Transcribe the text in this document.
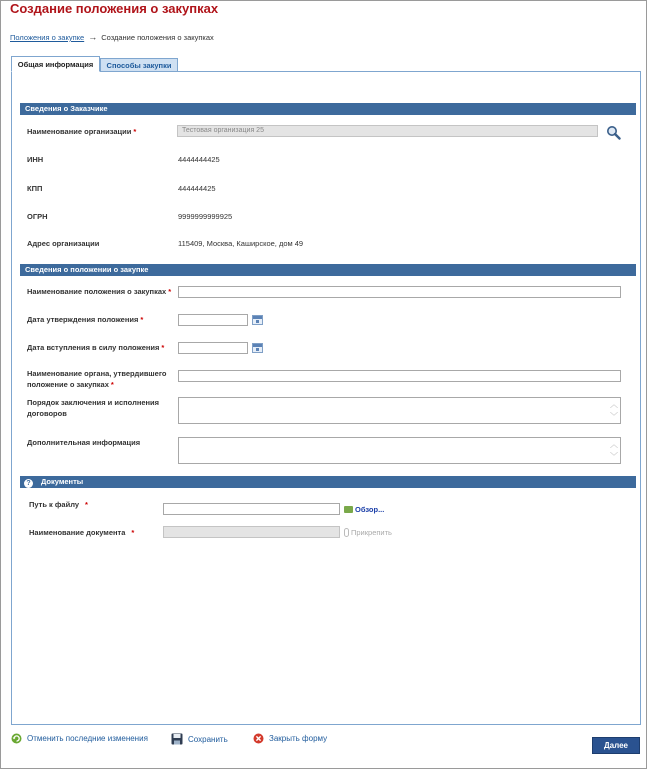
Создание положения о закупках
Положения о закупке → Создание положения о закупках
Общая информация	Способы закупки
Сведения о Заказчике
Наименование организации *	Тестовая организация 25
ИНН	4444444425
КПП	444444425
ОГРН	9999999999925
Адрес организации	115409, Москва, Каширское, дом 49
Сведения о положении о закупке
Наименование положения о закупках *
Дата утверждения положения *
Дата вступления в силу положения *
Наименование органа, утвердившего положение о закупках *
Порядок заключения и исполнения договоров
︿
﹀
Дополнительная информация	︿
﹀
? Документы
Путь к файлу *
Обзор...
Наименование документа *	Прикрепить
Отменить последние изменения	Сохранить	Закрыть форму
Далее
